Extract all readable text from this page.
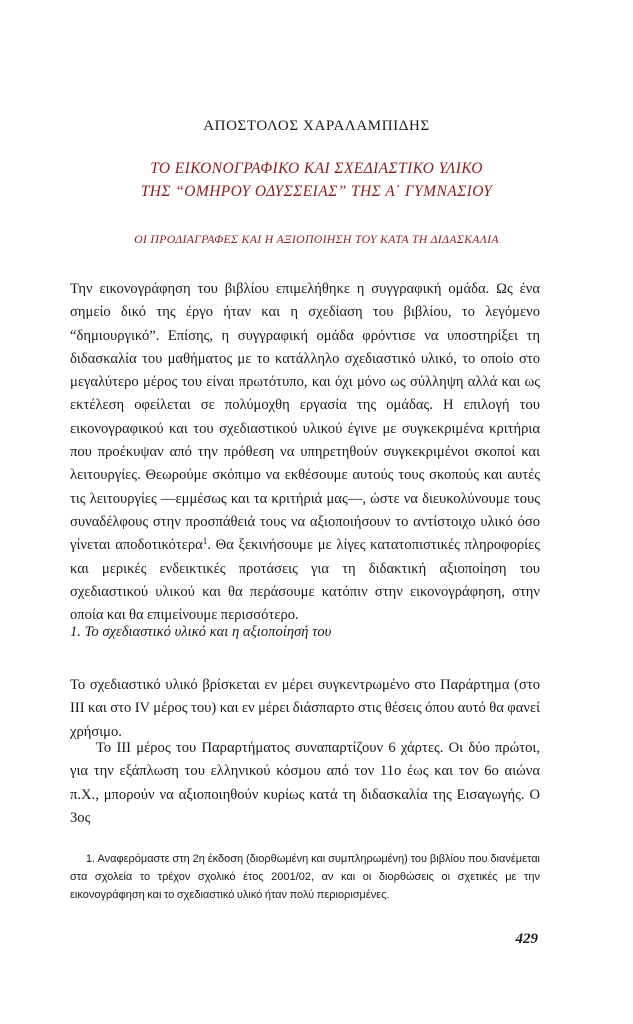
ΑΠΟΣΤΟΛΟΣ ΧΑΡΑΛΑΜΠΙΔΗΣ
ΤΟ ΕΙΚΟΝΟΓΡΑΦΙΚΟ ΚΑΙ ΣΧΕΔΙΑΣΤΙΚΟ ΥΛΙΚΟ
ΤΗΣ “ΟΜΗΡΟΥ ΟΔΥΣΣΕΙΑΣ” ΤΗΣ Α΄ ΓΥΜΝΑΣΙΟΥ
ΟΙ ΠΡΟΔΙΑΓΡΑΦΕΣ ΚΑΙ Η ΑΞΙΟΠΟΙΗΣΗ ΤΟΥ ΚΑΤΑ ΤΗ ΔΙΔΑΣΚΑΛΙΑ
Την εικονογράφηση του βιβλίου επιμελήθηκε η συγγραφική ομάδα. Ως ένα σημείο δικό της έργο ήταν και η σχεδίαση του βιβλίου, το λεγόμενο “δημιουργικό”. Επίσης, η συγγραφική ομάδα φρόντισε να υποστηρίξει τη διδασκαλία του μαθήματος με το κατάλληλο σχεδιαστικό υλικό, το οποίο στο μεγαλύτερο μέρος του είναι πρωτότυπο, και όχι μόνο ως σύλληψη αλλά και ως εκτέλεση οφείλεται σε πολύμοχθη εργασία της ομάδας. Η επιλογή του εικονογραφικού και του σχεδιαστικού υλικού έγινε με συγκεκριμένα κριτήρια που προέκυψαν από την πρόθεση να υπηρετηθούν συγκεκριμένοι σκοποί και λειτουργίες. Θεωρούμε σκόπιμο να εκθέσουμε αυτούς τους σκοπούς και αυτές τις λειτουργίες —εμμέσως και τα κριτήριά μας—, ώστε να διευκολύνουμε τους συναδέλφους στην προσπάθειά τους να αξιοποιήσουν το αντίστοιχο υλικό όσο γίνεται αποδοτικότερα$^1$. Θα ξεκινήσουμε με λίγες κατατοπιστικές πληροφορίες και μερικές ενδεικτικές προτάσεις για τη διδακτική αξιοποίηση του σχεδιαστικού υλικού και θα περάσουμε κατόπιν στην εικονογράφηση, στην οποία και θα επιμείνουμε περισσότερο.
1. Το σχεδιαστικό υλικό και η αξιοποίησή του
Το σχεδιαστικό υλικό βρίσκεται εν μέρει συγκεντρωμένο στο Παράρτημα (στο ΙΙΙ και στο ΙV μέρος του) και εν μέρει διάσπαρτο στις θέσεις όπου αυτό θα φανεί χρήσιμο.
Το ΙΙΙ μέρος του Παραρτήματος συναπαρτίζουν 6 χάρτες. Οι δύο πρώτοι, για την εξάπλωση του ελληνικού κόσμου από τον 11ο έως και τον 6ο αιώνα π.Χ., μπορούν να αξιοποιηθούν κυρίως κατά τη διδασκαλία της Εισαγωγής. Ο 3ος
1. Αναφερόμαστε στη 2η έκδοση (διορθωμένη και συμπληρωμένη) του βιβλίου που διανέμεται στα σχολεία το τρέχον σχολικό έτος 2001/02, αν και οι διορθώσεις οι σχετικές με την εικονογράφηση και το σχεδιαστικό υλικό ήταν πολύ περιορισμένες.
429
